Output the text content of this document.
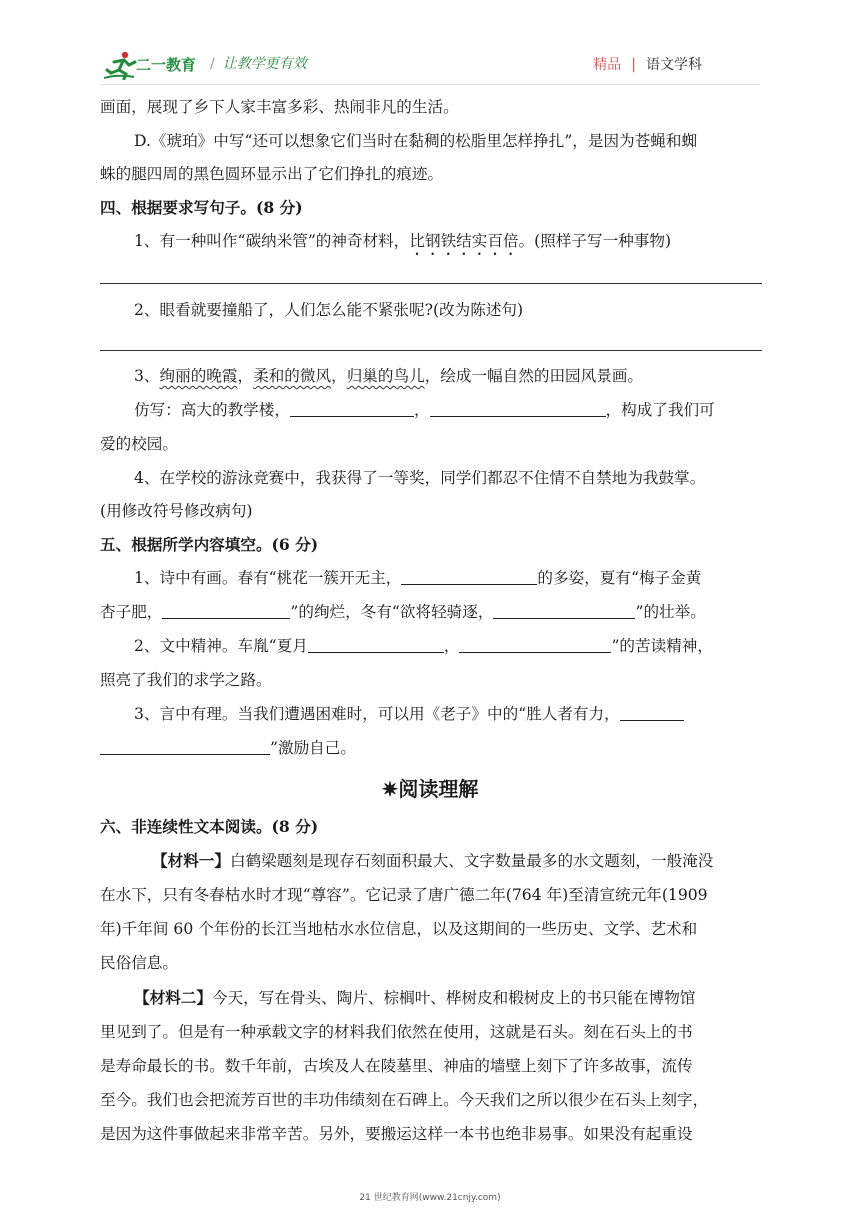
二一教育 / 让教学更有效	精品 | 语文学科
画面，展现了乡下人家丰富多彩、热闹非凡的生活。
D.《琥珀》中写“还可以想象它们当时在黏稠的松脂里怎样挣扎”，是因为苍蝇和蜘
蛛的腿四周的黑色圆环显示出了它们挣扎的痕迹。
四、根据要求写句子。(8 分)
1、有一种叫作“碳纳米管”的神奇材料，比钢铁结实百倍。(照样子写一种事物)
2、眼看就要撞船了，人们怎么能不紧张呢?(改为陈述句)
3、绚丽的晚霞，柔和的微风，归巢的鸟儿，绘成一幅自然的田园风景画。
仿写：高大的教学楼，	，	，构成了我们可
爱的校园。
4、在学校的游泳竞赛中，我获得了一等奖，同学们都忍不住情不自禁地为我鼓掌。
(用修改符号修改病句)
五、根据所学内容填空。(6 分)
1、诗中有画。春有“桃花一簇开无主，	的多姿，夏有“梅子金黄
杏子肥，	”的绚烂，冬有“欲将轻骑逐，	”的壮举。
2、文中精神。车胤“夏月	，	”的苦读精神，
照亮了我们的求学之路。
3、言中有理。当我们遭遇困难时，可以用《老子》中的“胜人者有力，
”激励自己。
✷阅读理解
六、非连续性文本阅读。(8 分)
【材料一】白鹤梁题刻是现存石刻面积最大、文字数量最多的水文题刻，一般淹没
在水下，只有冬春枯水时才现“尊容”。它记录了唐广德二年(764 年)至清宣统元年(1909
年)千年间 60 个年份的长江当地枯水水位信息，以及这期间的一些历史、文学、艺术和
民俗信息。
【材料二】今天，写在骨头、陶片、棕榈叶、桦树皮和椴树皮上的书只能在博物馆
里见到了。但是有一种承载文字的材料我们依然在使用，这就是石头。刻在石头上的书
是寿命最长的书。数千年前，古埃及人在陵墓里、神庙的墙壁上刻下了许多故事，流传
至今。我们也会把流芳百世的丰功伟绩刻在石碑上。今天我们之所以很少在石头上刻字，
是因为这件事做起来非常辛苦。另外，要搬运这样一本书也绝非易事。如果没有起重设
21 世纪教育网(www.21cnjy.com)
